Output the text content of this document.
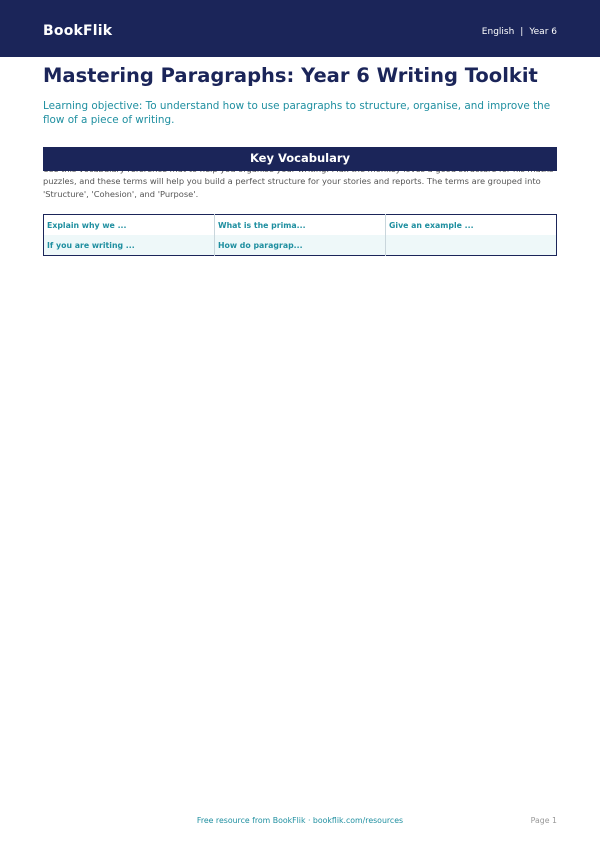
BookFlik	English | Year 6
Mastering Paragraphs: Year 6 Writing Toolkit

Learning objective: To understand how to use paragraphs to structure, organise, and improve the flow of a piece of writing.

Key Vocabulary

puzzles, and these terms will help you build a perfect structure for your stories and reports. The terms are grouped into 'Structure', 'Cohesion', and 'Purpose'.

Explain why we ...	What is the prima...	Give an example ...
If you are writing ...	How do paragrap...	
Free resource from BookFlik · bookflik.com/resources	Page 1
